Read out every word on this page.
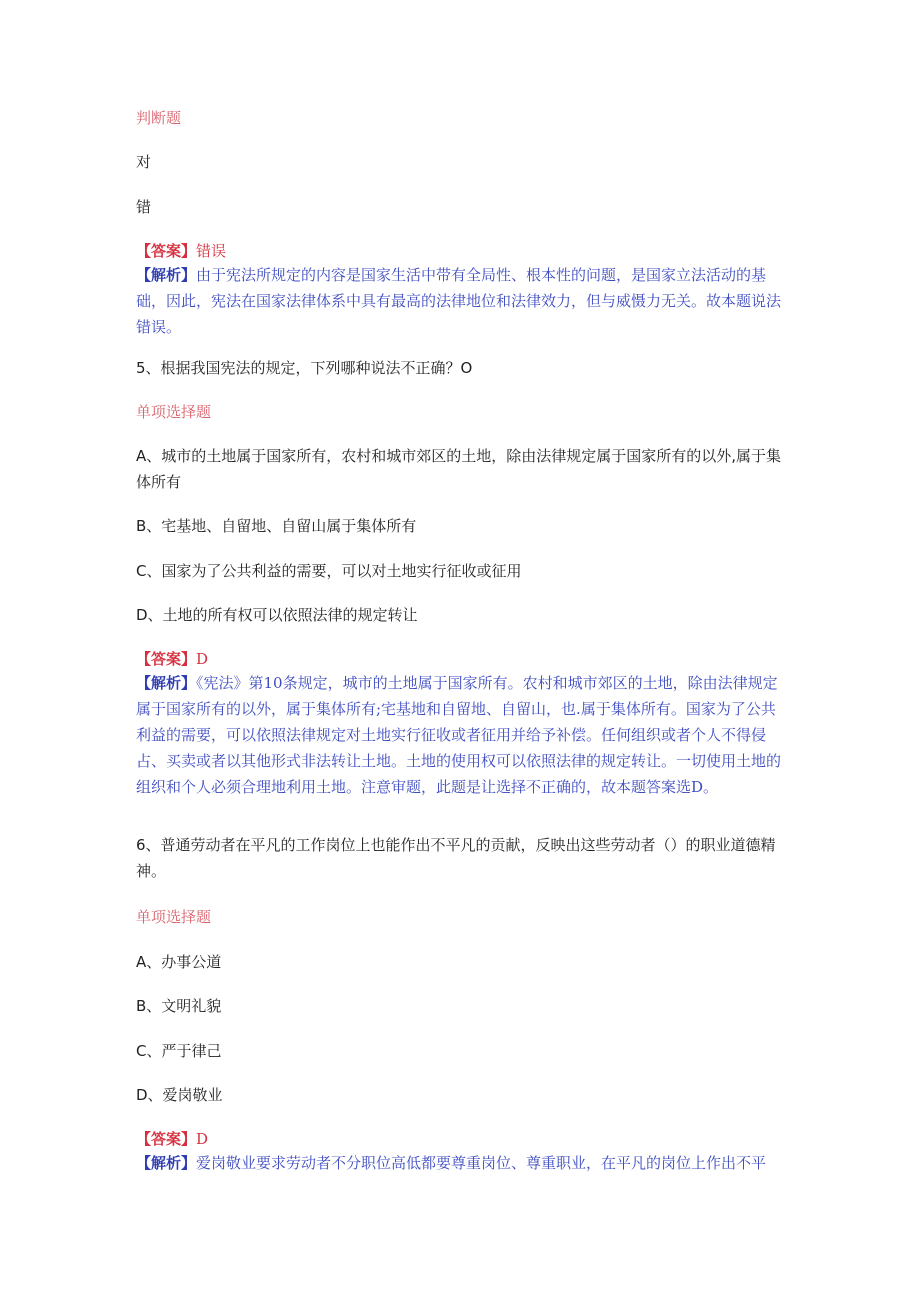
判断题
对
错
【答案】错误
【解析】由于宪法所规定的内容是国家生活中带有全局性、根本性的问题，是国家立法活动的基础，因此，宪法在国家法律体系中具有最高的法律地位和法律效力，但与威慑力无关。故本题说法错误。
5、根据我国宪法的规定，下列哪种说法不正确？O
单项选择题
A、城市的土地属于国家所有，农村和城市郊区的土地，除由法律规定属于国家所有的以外,属于集体所有
B、宅基地、自留地、自留山属于集体所有
C、国家为了公共利益的需要，可以对土地实行征收或征用
D、土地的所有权可以依照法律的规定转让
【答案】D
【解析】《宪法》第10条规定，城市的土地属于国家所有。农村和城市郊区的土地，除由法律规定属于国家所有的以外，属于集体所有;宅基地和自留地、自留山，也.属于集体所有。国家为了公共利益的需要，可以依照法律规定对土地实行征收或者征用并给予补偿。任何组织或者个人不得侵占、买卖或者以其他形式非法转让土地。土地的使用权可以依照法律的规定转让。一切使用土地的组织和个人必须合理地利用土地。注意审题，此题是让选择不正确的，故本题答案选D。
6、普通劳动者在平凡的工作岗位上也能作出不平凡的贡献，反映出这些劳动者（）的职业道德精神。
单项选择题
A、办事公道
B、文明礼貌
C、严于律己
D、爱岗敬业
【答案】D
【解析】爱岗敬业要求劳动者不分职位高低都要尊重岗位、尊重职业，在平凡的岗位上作出不平
